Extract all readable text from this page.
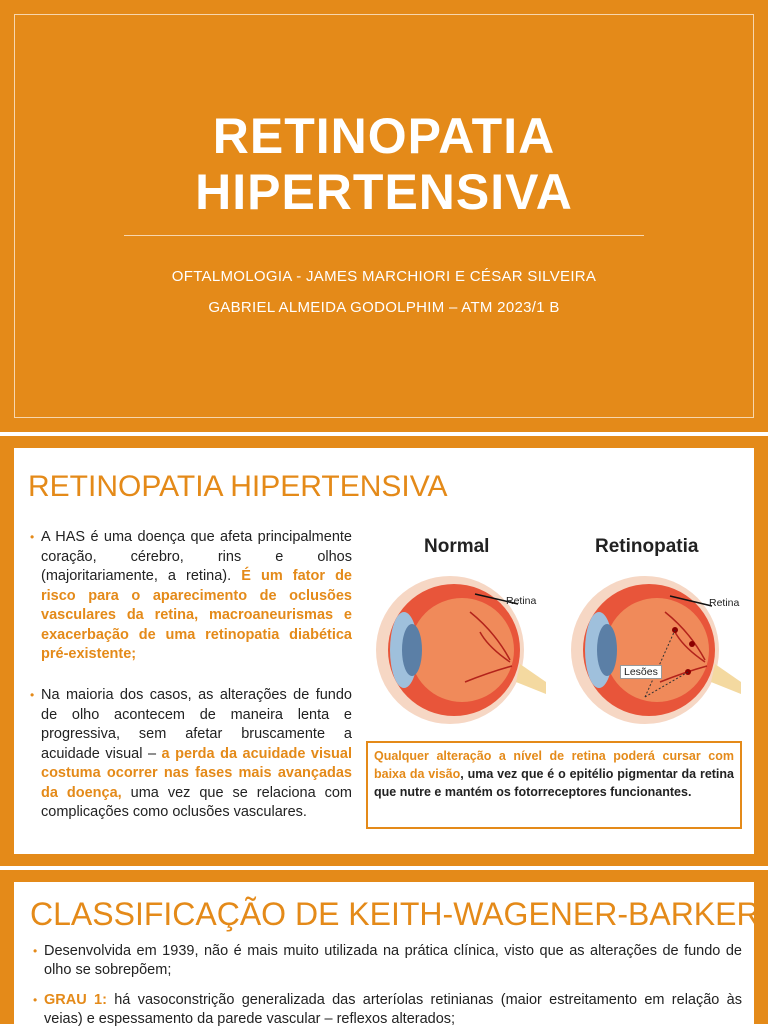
RETINOPATIA
HIPERTENSIVA
OFTALMOLOGIA - JAMES MARCHIORI E CÉSAR SILVEIRA
GABRIEL ALMEIDA GODOLPHIM – ATM 2023/1 B
RETINOPATIA HIPERTENSIVA
• A HAS é uma doença que afeta principalmente coração, cérebro, rins e olhos (majoritariamente, a retina). É um fator de risco para o aparecimento de oclusões vasculares da retina, macroaneurismas e exacerbação de uma retinopatia diabética pré-existente;
• Na maioria dos casos, as alterações de fundo de olho acontecem de maneira lenta e progressiva, sem afetar bruscamente a acuidade visual – a perda da acuidade visual costuma ocorrer nas fases mais avançadas da doença, uma vez que se relaciona com complicações como oclusões vasculares.
Normal	Retinopatia
Retina	Retina
Lesões
Qualquer alteração a nível de retina poderá cursar com baixa da visão, uma vez que é o epitélio pigmentar da retina que nutre e mantém os fotorreceptores funcionantes.
CLASSIFICAÇÃO DE KEITH-WAGENER-BARKER
• Desenvolvida em 1939, não é mais muito utilizada na prática clínica, visto que as alterações de fundo de olho se sobrepõem;
• GRAU 1: há vasoconstrição generalizada das arteríolas retinianas (maior estreitamento em relação às veias) e espessamento da parede vascular – reflexos alterados;
